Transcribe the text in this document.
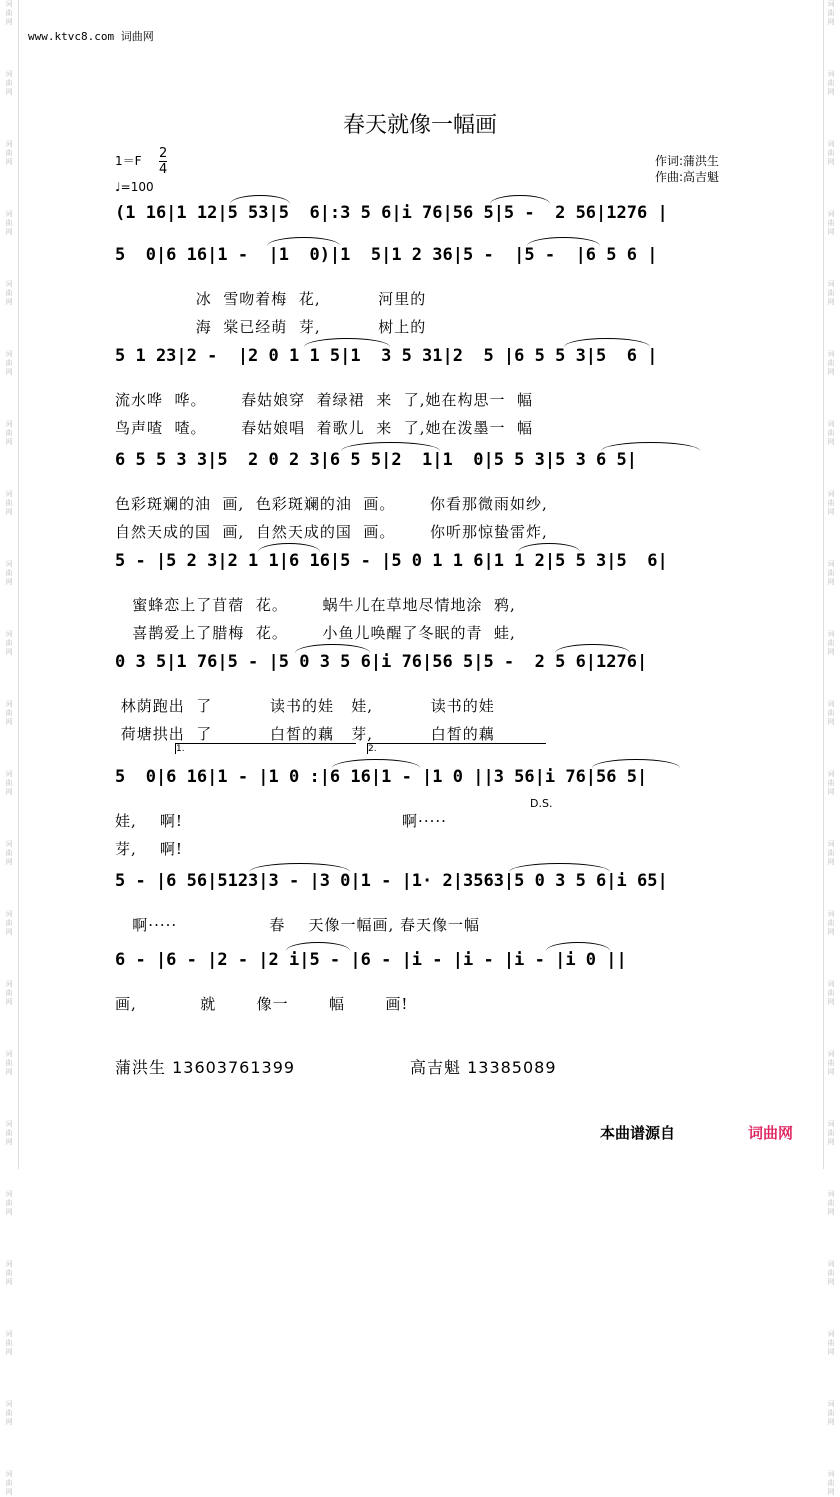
词
曲
网
词
曲
网
词
曲
网
词
曲
网
词
曲
网
词
曲
网
词
曲
网
词
曲
网
词
曲
网
词
曲
网
词
曲
网
词
曲
网
词
曲
网
词
曲
网
词
曲
网
词
曲
网
词
曲
网
词
曲
网
词
曲
网
词
曲
网
词
曲
网
词
曲
网
词
曲
网
词
曲
网
词
曲
网
词
曲
网
词
曲
网
词
曲
网
词
曲
网
词
曲
网
词
曲
网
词
曲
网
词
曲
网
词
曲
网
词
曲
网
词
曲
网
词
曲
网
词
曲
网
词
曲
网
词
曲
网
词
曲
网
词
曲
网
词
曲
网
词
曲
网
www.ktvc8.com 词曲网
春天就像一幅画
$1=F \frac{2}{4}$
♩=100
作词:蒲洪生
作曲:高吉魁
(1 16|1 12|5 53|5  6|:3 5 6|i 76|56 5|5 -  2 56|1276 |
5  0|6 16|1 -  |1  0)|1  5|1 2 36|5 -  |5 -  |6 5 6 |
冰  雪吻着梅  花,          河里的
海  棠已经萌  芽,          树上的
5 1 23|2 -  |2 0 1 1 5|1  3 5 31|2  5 |6 5 5 3|5  6 |
流水哗  哗。      春姑娘穿  着绿裙  来  了,她在构思一  幅
鸟声喳  喳。      春姑娘唱  着歌儿  来  了,她在泼墨一  幅
6 5 5 3 3|5  2 0 2 3|6 5 5|2  1|1  0|5 5 3|5 3 6 5|
色彩斑斓的油  画,  色彩斑斓的油  画。      你看那微雨如纱,
自然天成的国  画,  自然天成的国  画。      你听那惊蛰雷炸,
5 - |5 2 3|2 1 1|6 16|5 - |5 0 1 1 6|1 1 2|5 5 3|5  6|
蜜蜂恋上了苜蓿  花。      蜗牛儿在草地尽情地涂  鸦,
喜鹊爱上了腊梅  花。      小鱼儿唤醒了冬眠的青  蛙,
0 3 5|1 76|5 - |5 0 3 5 6|i 76|56 5|5 -  2 5 6|1276|
林荫跑出  了          读书的娃   娃,          读书的娃
荷塘拱出  了          白皙的藕   芽,          白皙的藕
5  0|6 16|1 - |1 0 :|6 16|1 - |1 0 ||3 56|i 76|56 5|
娃,    啊!                                      啊·····
芽,    啊!
1.	2.
D.S.
5 - |6 56|5123|3 - |3 0|1 - |1· 2|3563|5 0 3 5 6|i 65|
啊·····                春    天像一幅画, 春天像一幅
6 - |6 - |2 - |2 i|5 - |6 - |i - |i - |i - |i 0 ||
画,           就       像一       幅       画!
蒲洪生 13603761399	高吉魁 13385089
本曲谱源自	词曲网
